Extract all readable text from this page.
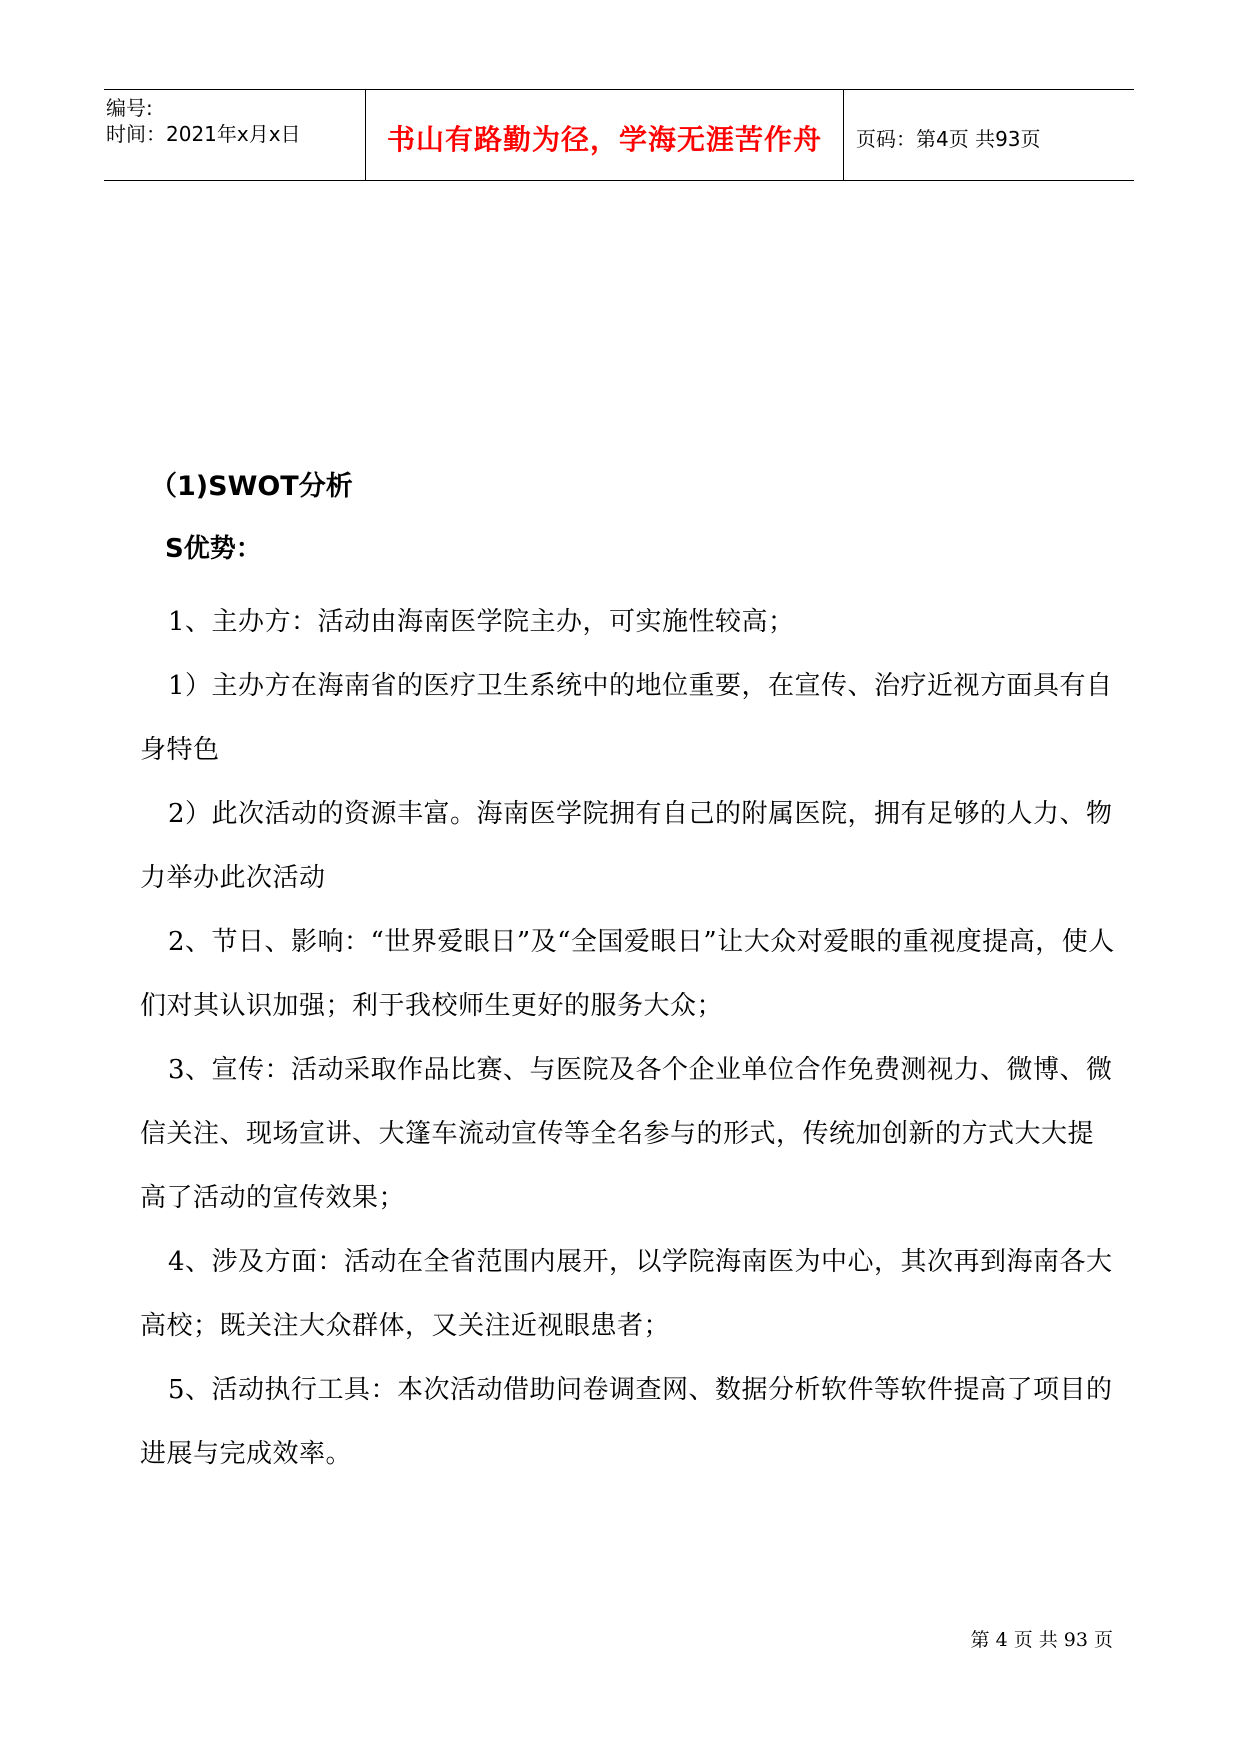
编号:
时间：2021年x月x日	书山有路勤为径，学海无涯苦作舟	页码：第4页 共93页
（1)SWOT分析
S优势：

1、主办方：活动由海南医学院主办，可实施性较高；

1）主办方在海南省的医疗卫生系统中的地位重要，在宣传、治疗近视方面具有自身特色

2）此次活动的资源丰富。海南医学院拥有自己的附属医院，拥有足够的人力、物力举办此次活动

2、节日、影响：“世界爱眼日”及“全国爱眼日”让大众对爱眼的重视度提高，使人们对其认识加强；利于我校师生更好的服务大众；

3、宣传：活动采取作品比赛、与医院及各个企业单位合作免费测视力、微博、微信关注、现场宣讲、大篷车流动宣传等全名参与的形式，传统加创新的方式大大提高了活动的宣传效果；

4、涉及方面：活动在全省范围内展开，以学院海南医为中心，其次再到海南各大高校；既关注大众群体，又关注近视眼患者；

5、活动执行工具：本次活动借助问卷调查网、数据分析软件等软件提高了项目的进展与完成效率。

第 4 页 共 93 页
